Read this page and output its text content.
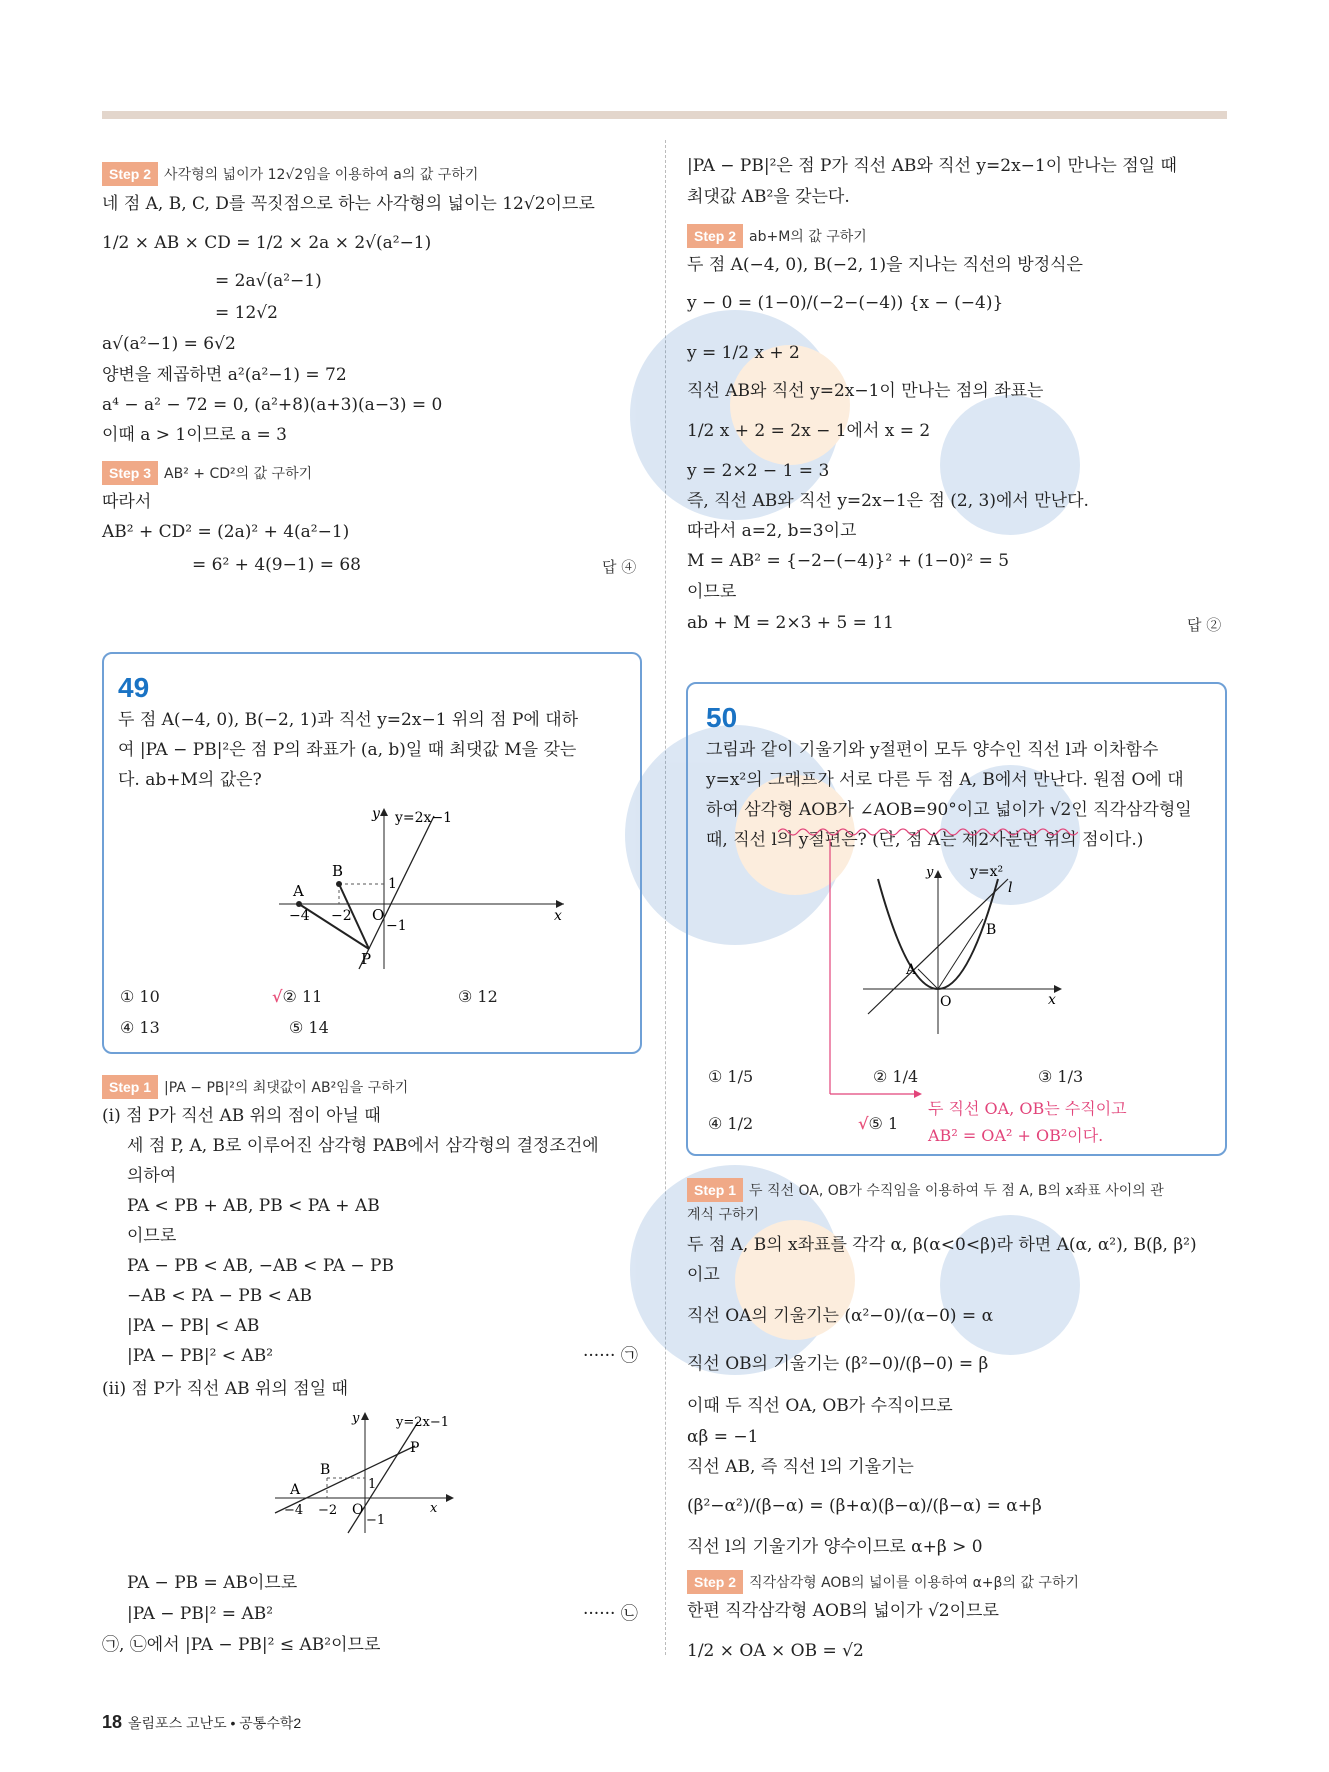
Step 2 사각형의 넓이가 12√2임을 이용하여 a의 값 구하기
네 점 A, B, C, D를 꼭짓점으로 하는 사각형의 넓이는 12√2이므로
1/2 × AB × CD = 1/2 × 2a × 2√(a²−1)
= 2a√(a²−1)
= 12√2
a√(a²−1) = 6√2
양변을 제곱하면 a²(a²−1) = 72
a⁴ − a² − 72 = 0, (a²+8)(a+3)(a−3) = 0
이때 a > 1이므로 a = 3
Step 3 AB² + CD²의 값 구하기
따라서
AB² + CD² = (2a)² + 4(a²−1)
= 6² + 4(9−1) = 68	답 ④
49
두 점 A(−4, 0), B(−2, 1)과 직선 y=2x−1 위의 점 P에 대하
여 |PA − PB|²은 점 P의 좌표가 (a, b)일 때 최댓값 M을 갖는
다. ab+M의 값은?
y
x
y=2x−1
A
B
O
P
−4 −2
1
−1
① 10	√② 11	③ 12
④ 13	⑤ 14
Step 1 |PA − PB|²의 최댓값이 AB²임을 구하기
(ⅰ) 점 P가 직선 AB 위의 점이 아닐 때
세 점 P, A, B로 이루어진 삼각형 PAB에서 삼각형의 결정조건에
의하여
PA < PB + AB, PB < PA + AB
이므로
PA − PB < AB, −AB < PA − PB
−AB < PA − PB < AB
|PA − PB| < AB
|PA − PB|² < AB²
(ⅱ) 점 P가 직선 AB 위의 점일 때
······ ㉠
y
x
y=2x−1
A
B
P
O
−4 −2
1
−1
PA − PB = AB이므로
|PA − PB|² = AB²
㉠, ㉡에서 |PA − PB|² ≤ AB²이므로
······ ㉡
|PA − PB|²은 점 P가 직선 AB와 직선 y=2x−1이 만나는 점일 때
최댓값 AB²을 갖는다.
Step 2 ab+M의 값 구하기
두 점 A(−4, 0), B(−2, 1)을 지나는 직선의 방정식은
y − 0 = (1−0)/(−2−(−4)) {x − (−4)}
y = 1/2 x + 2
직선 AB와 직선 y=2x−1이 만나는 점의 좌표는
1/2 x + 2 = 2x − 1에서 x = 2
y = 2×2 − 1 = 3
즉, 직선 AB와 직선 y=2x−1은 점 (2, 3)에서 만난다.
따라서 a=2, b=3이고
M = AB² = {−2−(−4)}² + (1−0)² = 5
이므로
ab + M = 2×3 + 5 = 11	답 ②
50
그림과 같이 기울기와 y절편이 모두 양수인 직선 l과 이차함수
y=x²의 그래프가 서로 다른 두 점 A, B에서 만난다. 원점 O에 대
하여 삼각형 AOB가 ∠AOB=90°이고 넓이가 √2인 직각삼각형일
때, 직선 l의 y절편은? (단, 점 A는 제2사분면 위의 점이다.)
y
x
y=x²
l
A
B
O
① 1/5	② 1/4	③ 1/3
④ 1/2	√⑤ 1
두 직선 OA, OB는 수직이고
AB² = OA² + OB²이다.
Step 1 두 직선 OA, OB가 수직임을 이용하여 두 점 A, B의 x좌표 사이의 관
계식 구하기
두 점 A, B의 x좌표를 각각 α, β(α<0<β)라 하면 A(α, α²), B(β, β²)
이고
직선 OA의 기울기는 (α²−0)/(α−0) = α
직선 OB의 기울기는 (β²−0)/(β−0) = β
이때 두 직선 OA, OB가 수직이므로
αβ = −1
직선 AB, 즉 직선 l의 기울기는
(β²−α²)/(β−α) = (β+α)(β−α)/(β−α) = α+β
직선 l의 기울기가 양수이므로 α+β > 0
Step 2 직각삼각형 AOB의 넓이를 이용하여 α+β의 값 구하기
한편 직각삼각형 AOB의 넓이가 √2이므로
1/2 × OA × OB = √2
18 올림포스 고난도 • 공통수학2
